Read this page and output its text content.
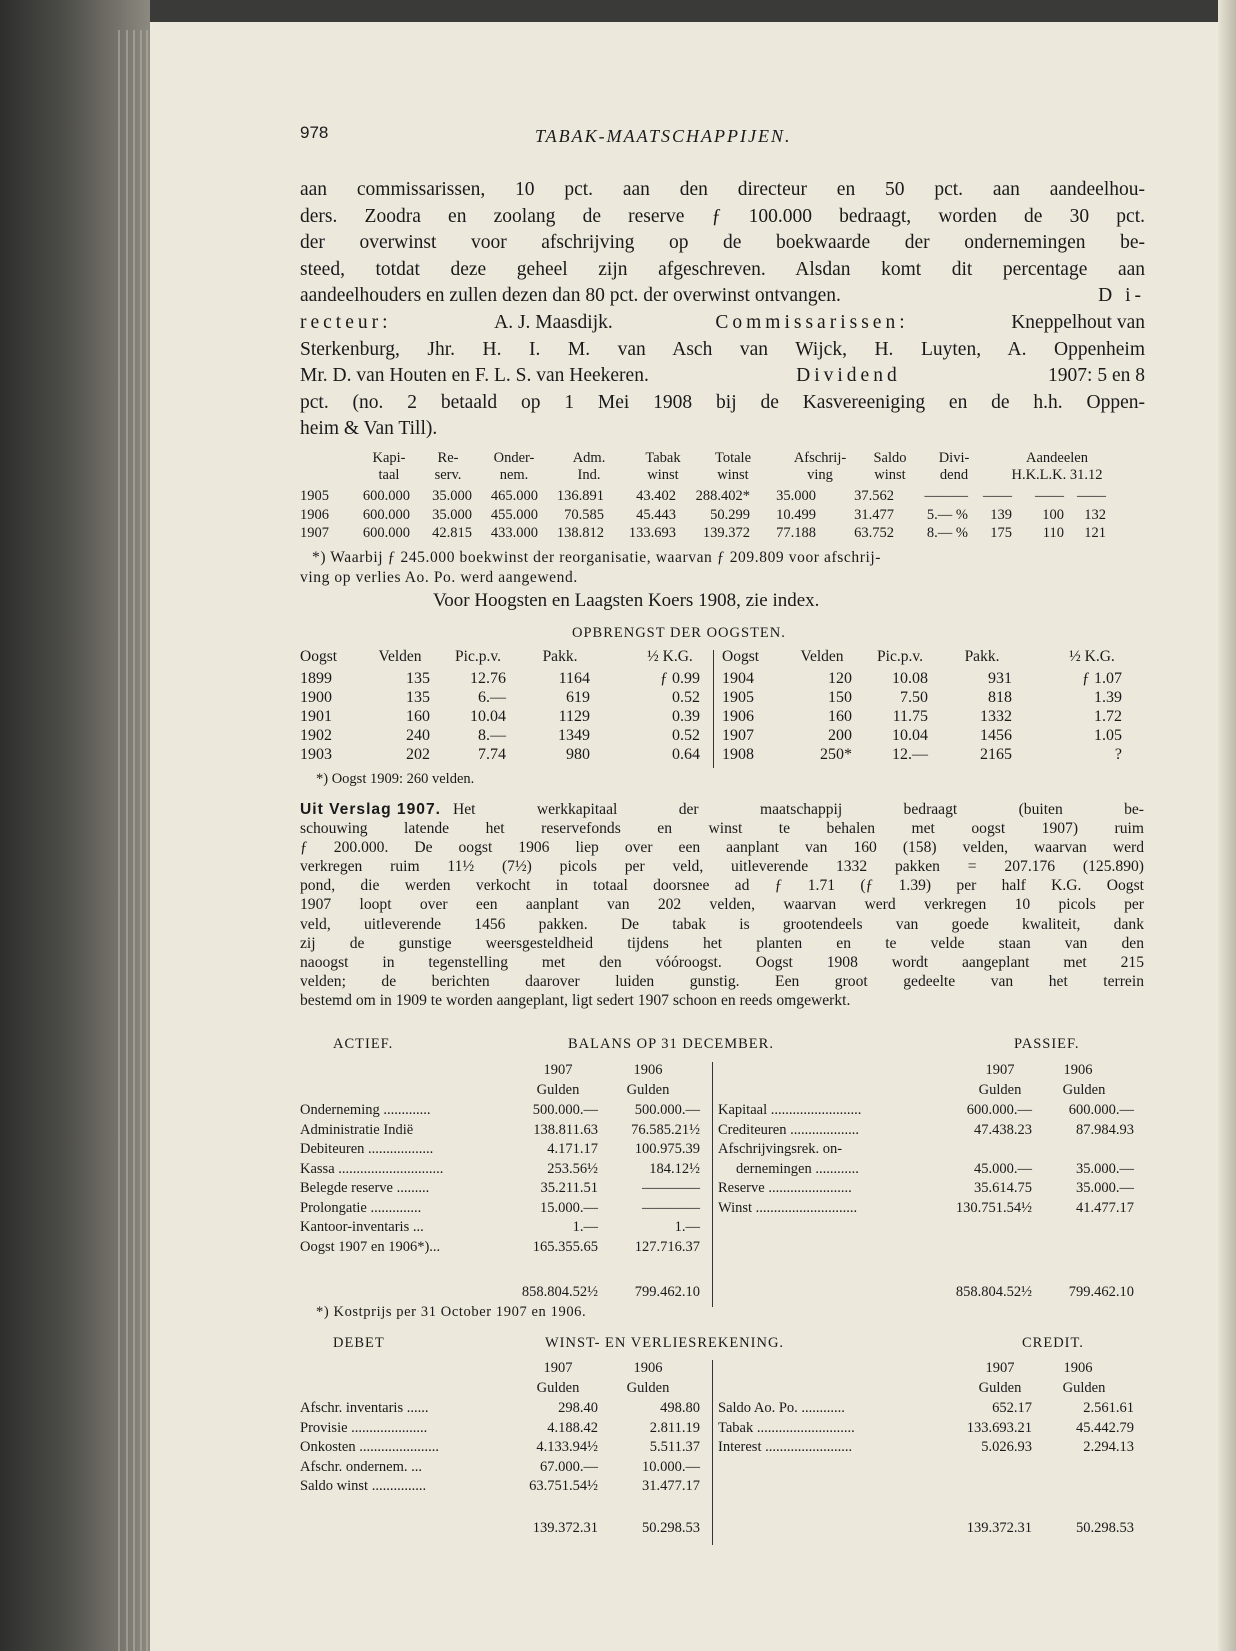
978	TABAK-MAATSCHAPPIJEN.
aan commissarissen, 10 pct. aan den directeur en 50 pct. aan aandeelhou-
ders. Zoodra en zoolang de reserve ƒ 100.000 bedraagt, worden de 30 pct.
der overwinst voor afschrijving op de boekwaarde der ondernemingen be-
steed, totdat deze geheel zijn afgeschreven. Alsdan komt dit percentage aan
aandeelhouders en zullen dezen dan 80 pct. der overwinst ontvangen.	D i-
recteur:	A. J. Maasdijk.	Commissarissen:	Kneppelhout van
Sterkenburg, Jhr. H. I. M. van Asch van Wijck, H. Luyten, A. Oppenheim
Mr. D. van Houten en F. L. S. van Heekeren.	Dividend	1907: 5 en 8
pct. (no. 2 betaald op 1 Mei 1908 bij de Kasvereeniging en de h.h. Oppen-
heim & Van Till).
Kapi-	Re-	Onder-	Adm.	Tabak	Totale	Afschrij-	Saldo	Divi-	Aandeelen
taal	serv.	nem.	Ind.	winst	winst	ving	winst	dend	H.K.L.K. 31.12
1905	600.000	35.000	465.000	136.891	43.402	288.402*	35.000	37.562	———	——	—— ——
1906	600.000	35.000	455.000	70.585	45.443	50.299	10.499	31.477	5.— %	139	100	132
1907	600.000	42.815	433.000	138.812	133.693	139.372	77.188	63.752	8.— %	175	110	121
*) Waarbij ƒ 245.000 boekwinst der reorganisatie, waarvan ƒ 209.809 voor afschrij-
ving op verlies Ao. Po. werd aangewend.
Voor Hoogsten en Laagsten Koers 1908, zie index.
OPBRENGST DER OOGSTEN.
Oogst	Velden	Pic.p.v.	Pakk.	½ K.G.
1899	135	12.76	1164	ƒ 0.99
1900	135	6.—	619	0.52
1901	160	10.04	1129	0.39
1902	240	8.—	1349	0.52
1903	202	7.74	980	0.64
Oogst	Velden	Pic.p.v.	Pakk.	½ K.G.
1904	120	10.08	931	ƒ 1.07
1905	150	7.50	818	1.39
1906	160	11.75	1332	1.72
1907	200	10.04	1456	1.05
1908	250*	12.—	2165	?
*) Oogst 1909: 260 velden.
Uit Verslag 1907. Het werkkapitaal der maatschappij bedraagt (buiten be-
schouwing latende het reservefonds en winst te behalen met oogst 1907) ruim
ƒ 200.000. De oogst 1906 liep over een aanplant van 160 (158) velden, waarvan werd
verkregen ruim 11½ (7½) picols per veld, uitleverende 1332 pakken = 207.176 (125.890)
pond, die werden verkocht in totaal doorsnee ad ƒ 1.71 (ƒ 1.39) per half K.G. Oogst
1907 loopt over een aanplant van 202 velden, waarvan werd verkregen 10 picols per
veld, uitleverende 1456 pakken. De tabak is grootendeels van goede kwaliteit, dank
zij de gunstige weersgesteldheid tijdens het planten en te velde staan van den
naoogst in tegenstelling met den vóóroogst. Oogst 1908 wordt aangeplant met 215
velden; de berichten daarover luiden gunstig. Een groot gedeelte van het terrein
bestemd om in 1909 te worden aangeplant, ligt sedert 1907 schoon en reeds omgewerkt.
ACTIEF.	BALANS OP 31 DECEMBER.	PASSIEF.
1907	1906
Gulden	Gulden
Onderneming .............	500.000.—	500.000.—
Administratie Indië	138.811.63	76.585.21½
Debiteuren ..................	4.171.17	100.975.39
Kassa .............................	253.56½	184.12½
Belegde reserve .........	35.211.51	————
Prolongatie ..............	15.000.—	————
Kantoor-inventaris ...	1.—	1.—
Oogst 1907 en 1906*)...	165.355.65	127.716.37
858.804.52½	799.462.10
1907	1906
Gulden	Gulden
Kapitaal .........................	600.000.—	600.000.—
Crediteuren ...................	47.438.23	87.984.93
Afschrijvingsrek. on-
dernemingen ............	45.000.—	35.000.—
Reserve .......................	35.614.75	35.000.—
Winst ............................	130.751.54½	41.477.17
858.804.52½	799.462.10
*) Kostprijs per 31 October 1907 en 1906.
DEBET	WINST- EN VERLIESREKENING.	CREDIT.
1907	1906
Gulden	Gulden
Afschr. inventaris ......	298.40	498.80
Provisie .....................	4.188.42	2.811.19
Onkosten ......................	4.133.94½	5.511.37
Afschr. ondernem. ...	67.000.—	10.000.—
Saldo winst ...............	63.751.54½	31.477.17
139.372.31	50.298.53
1907	1906
Gulden	Gulden
Saldo Ao. Po. ............	652.17	2.561.61
Tabak ...........................	133.693.21	45.442.79
Interest ........................	5.026.93	2.294.13
139.372.31	50.298.53
